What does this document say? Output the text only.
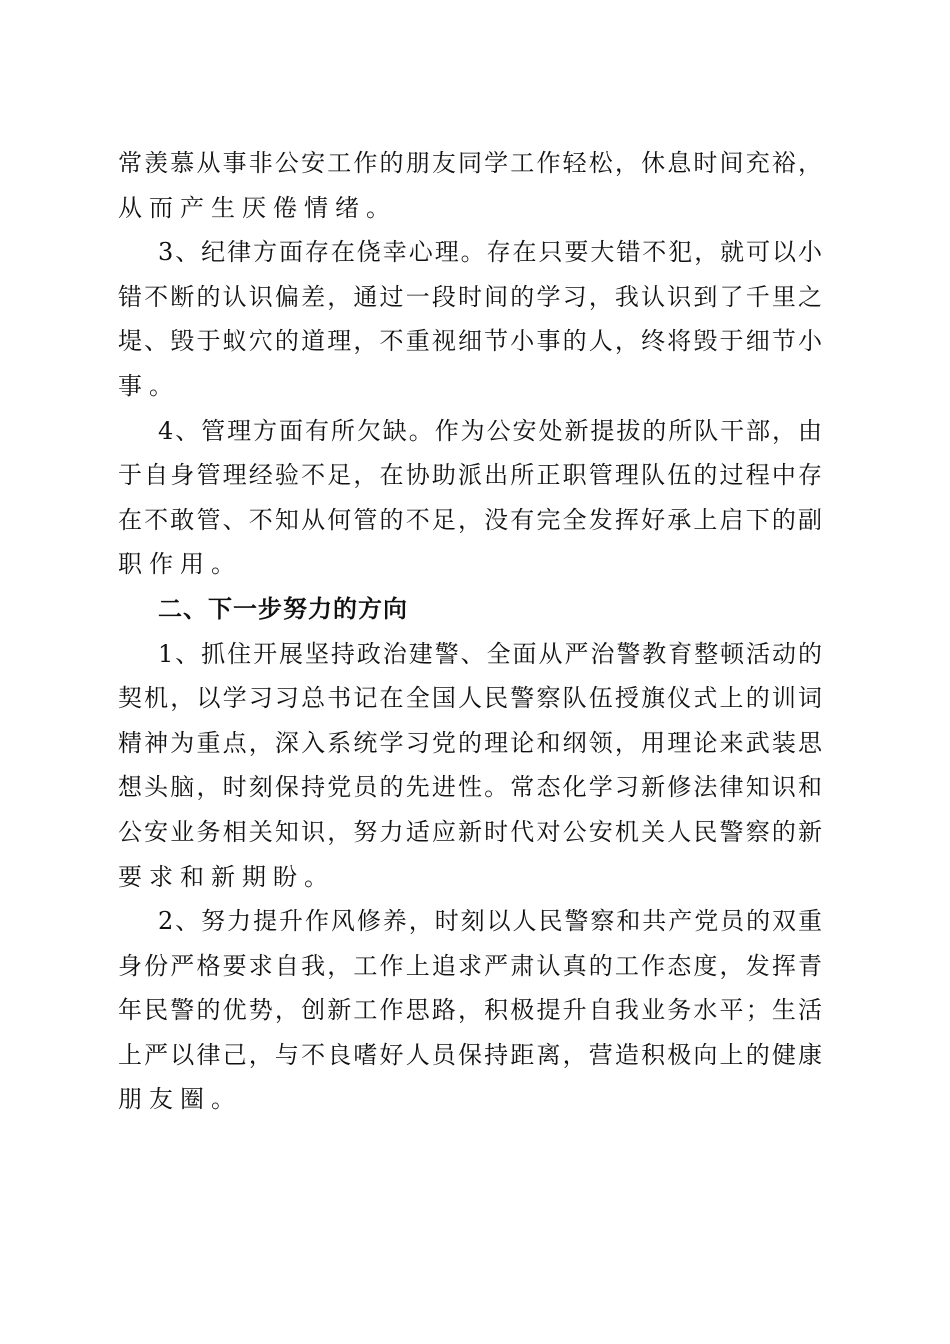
常羡慕从事非公安工作的朋友同学工作轻松，休息时间充裕，
从而产生厌倦情绪。
3、纪律方面存在侥幸心理。存在只要大错不犯，就可以小
错不断的认识偏差，通过一段时间的学习，我认识到了千里之
堤、毁于蚁穴的道理，不重视细节小事的人，终将毁于细节小
事。
4、管理方面有所欠缺。作为公安处新提拔的所队干部，由
于自身管理经验不足，在协助派出所正职管理队伍的过程中存
在不敢管、不知从何管的不足，没有完全发挥好承上启下的副
职作用。
二、下一步努力的方向
1、抓住开展坚持政治建警、全面从严治警教育整顿活动的
契机，以学习习总书记在全国人民警察队伍授旗仪式上的训词
精神为重点，深入系统学习党的理论和纲领，用理论来武装思
想头脑，时刻保持党员的先进性。常态化学习新修法律知识和
公安业务相关知识，努力适应新时代对公安机关人民警察的新
要求和新期盼。
2、努力提升作风修养，时刻以人民警察和共产党员的双重
身份严格要求自我，工作上追求严肃认真的工作态度，发挥青
年民警的优势，创新工作思路，积极提升自我业务水平；生活
上严以律己，与不良嗜好人员保持距离，营造积极向上的健康
朋友圈。
